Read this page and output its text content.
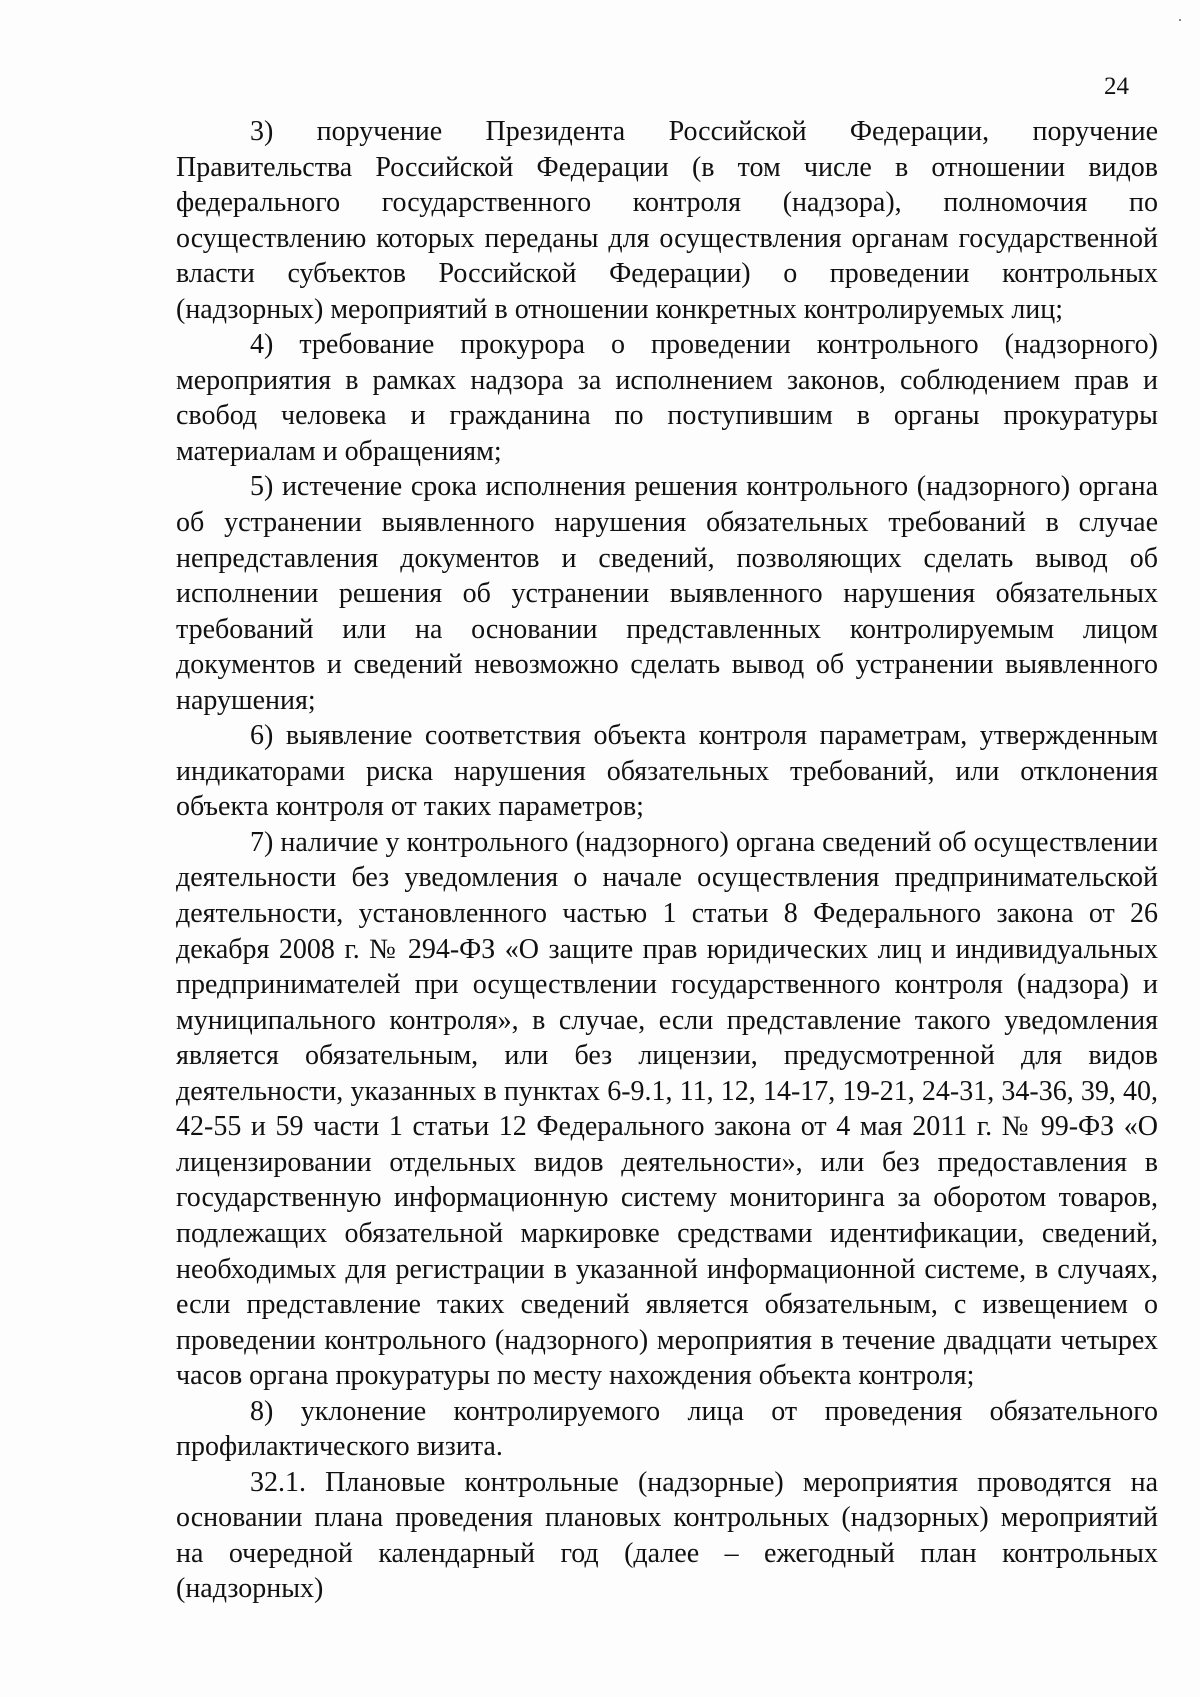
.
24

3) поручение Президента Российской Федерации, поручение Правительства Российской Федерации (в том числе в отношении видов федерального государственного контроля (надзора), полномочия по осуществлению которых переданы для осуществления органам государственной власти субъектов Российской Федерации) о проведении контрольных (надзорных) мероприятий в отношении конкретных контролируемых лиц;

4) требование прокурора о проведении контрольного (надзорного) мероприятия в рамках надзора за исполнением законов, соблюдением прав и свобод человека и гражданина по поступившим в органы прокуратуры материалам и обращениям;

5) истечение срока исполнения решения контрольного (надзорного) органа об устранении выявленного нарушения обязательных требований в случае непредставления документов и сведений, позволяющих сделать вывод об исполнении решения об устранении выявленного нарушения обязательных требований или на основании представленных контролируемым лицом документов и сведений невозможно сделать вывод об устранении выявленного нарушения;

6) выявление соответствия объекта контроля параметрам, утвержденным индикаторами риска нарушения обязательных требований, или отклонения объекта контроля от таких параметров;

7) наличие у контрольного (надзорного) органа сведений об осуществлении деятельности без уведомления о начале осуществления предпринимательской деятельности, установленного частью 1 статьи 8 Федерального закона от 26 декабря 2008 г. № 294-ФЗ «О защите прав юридических лиц и индивидуальных предпринимателей при осуществлении государственного контроля (надзора) и муниципального контроля», в случае, если представление такого уведомления является обязательным, или без лицензии, предусмотренной для видов деятельности, указанных в пунктах 6-9.1, 11, 12, 14-17, 19-21, 24-31, 34-36, 39, 40, 42-55 и 59 части 1 статьи 12 Федерального закона от 4 мая 2011 г. № 99-ФЗ «О лицензировании отдельных видов деятельности», или без предоставления в государственную информационную систему мониторинга за оборотом товаров, подлежащих обязательной маркировке средствами идентификации, сведений, необходимых для регистрации в указанной информационной системе, в случаях, если представление таких сведений является обязательным, с извещением о проведении контрольного (надзорного) мероприятия в течение двадцати четырех часов органа прокуратуры по месту нахождения объекта контроля;

8) уклонение контролируемого лица от проведения обязательного профилактического визита.

32.1. Плановые контрольные (надзорные) мероприятия проводятся на основании плана проведения плановых контрольных (надзорных) мероприятий на очередной календарный год (далее – ежегодный план контрольных (надзорных)
